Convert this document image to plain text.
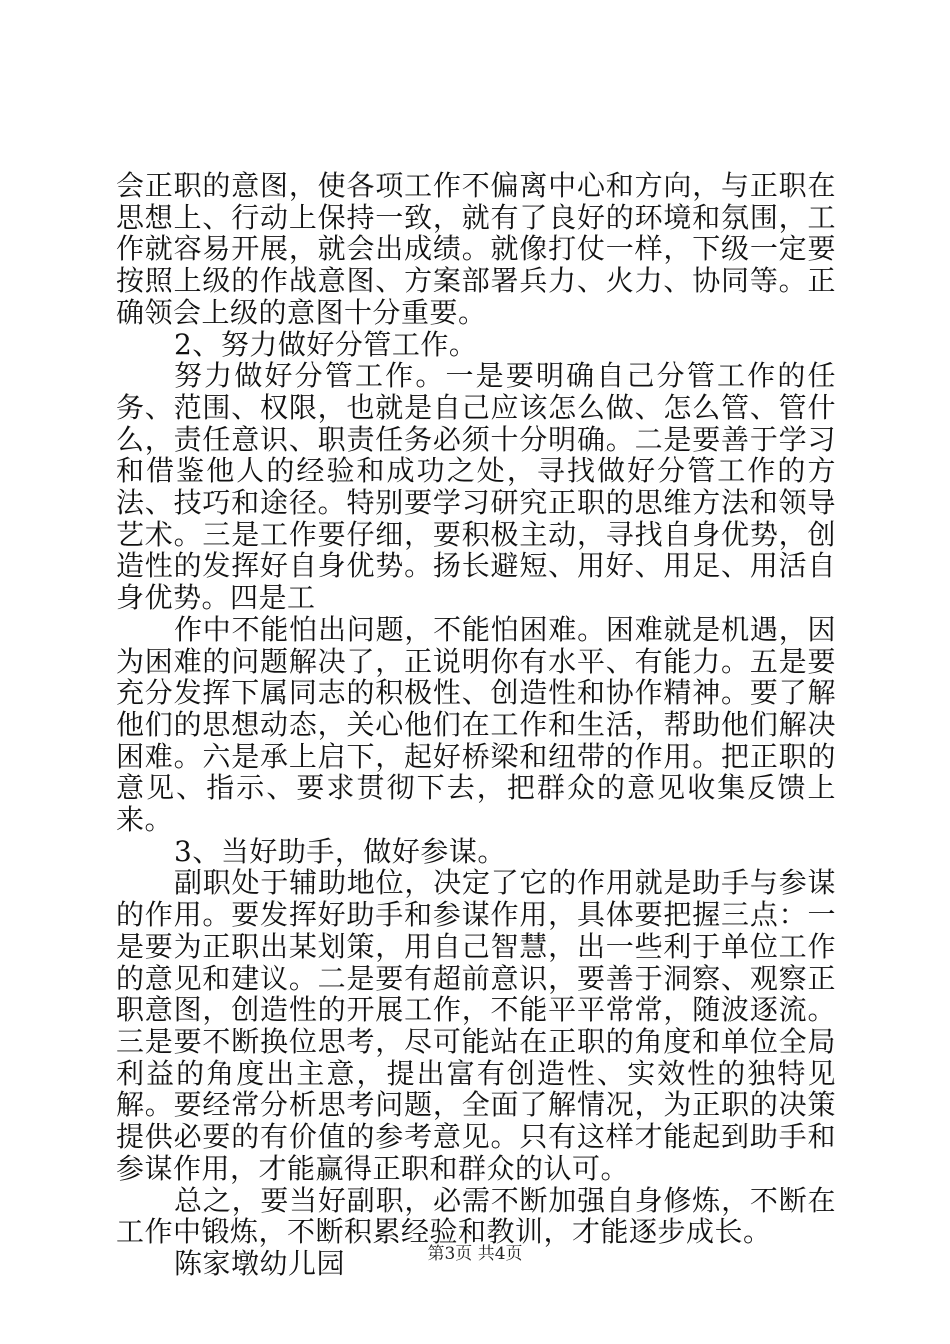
会正职的意图，使各项工作不偏离中心和方向，与正职在思想上、行动上保持一致，就有了良好的环境和氛围，工作就容易开展，就会出成绩。就像打仗一样，下级一定要按照上级的作战意图、方案部署兵力、火力、协同等。正确领会上级的意图十分重要。

2、努力做好分管工作。

努力做好分管工作。一是要明确自己分管工作的任务、范围、权限，也就是自己应该怎么做、怎么管、管什么，责任意识、职责任务必须十分明确。二是要善于学习和借鉴他人的经验和成功之处，寻找做好分管工作的方法、技巧和途径。特别要学习研究正职的思维方法和领导艺术。三是工作要仔细，要积极主动，寻找自身优势，创造性的发挥好自身优势。扬长避短、用好、用足、用活自身优势。四是工

作中不能怕出问题，不能怕困难。困难就是机遇，因为困难的问题解决了，正说明你有水平、有能力。五是要充分发挥下属同志的积极性、创造性和协作精神。要了解他们的思想动态，关心他们在工作和生活，帮助他们解决困难。六是承上启下，起好桥梁和纽带的作用。把正职的意见、指示、要求贯彻下去，把群众的意见收集反馈上来。

3、当好助手，做好参谋。

副职处于辅助地位，决定了它的作用就是助手与参谋的作用。要发挥好助手和参谋作用，具体要把握三点：一是要为正职出某划策，用自己智慧，出一些利于单位工作的意见和建议。二是要有超前意识，要善于洞察、观察正职意图，创造性的开展工作，不能平平常常，随波逐流。三是要不断换位思考，尽可能站在正职的角度和单位全局利益的角度出主意，提出富有创造性、实效性的独特见解。要经常分析思考问题，全面了解情况，为正职的决策提供必要的有价值的参考意见。只有这样才能起到助手和参谋作用，才能赢得正职和群众的认可。

总之，要当好副职，必需不断加强自身修炼，不断在工作中锻炼，不断积累经验和教训，才能逐步成长。

陈家墩幼儿园	第3页 共4页
